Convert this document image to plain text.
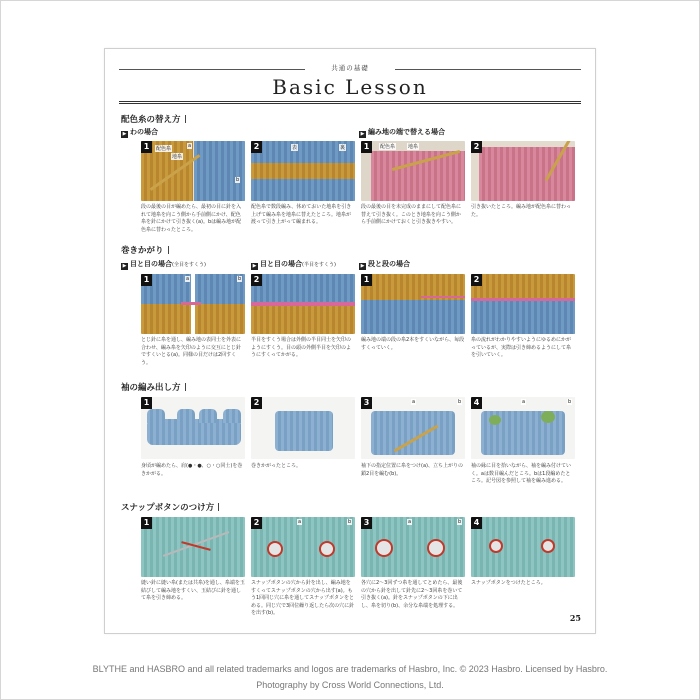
共通の基礎
Basic Lesson
配色糸の替え方
▶ わの場合	▶ 編み地の端で替える場合
1	配色糸
地糸
a
b
段の最後の目が編めたら、最初の目に針を入れて地糸を向こう側から手前側にかけ、配色糸を針にかけて引き抜く(a)。bは編み地が配色糸に替わったところ。
2	表	裏
配色糸で数段編み、休めておいた地糸を引き上げて編み糸を地糸に替えたところ。地糸が渡って引き上がって編まれる。
1	配色糸	地糸
段の最後の目を未完成のままにして配色糸に替えて引き抜く。このとき地糸を向こう側から手前側にかけておくと引き抜きやすい。
2
引き抜いたところ。編み地が配色糸に替わった。
巻きかがり
▶ 目と目の場合(全目をすくう)	▶ 目と目の場合(半目をすくう)	▶ 段と段の場合
1	a	b
とじ針に糸を通し、編み地の表同士を外表に合わせ、編み糸を矢印のように交互にとじ針ですくいとる(a)。同様の目だけは2回すくう。
2
半目をすくう場合は外側の半目同士を矢印のようにすくう。目の頭の外側半目を矢印のようにすくってかがる。
1
編み地の端の段の糸2本をすくいながら、毎段すくっていく。
2
糸の流れがわかりやすいようにゆるめにかがっているが、実際は引き締めるようにして糸を引いていく。
袖の編み出し方
1
身頃が編めたら、肩(●・●、○・○同士)を巻きかがる。
2
巻きかがったところ。
3	a	b
袖下の指定位置に糸をつけ(a)、立ち上がりの鎖2目を編む(b)。
4	a	b
袖の縁に目を拾いながら、袖を編み付けていく。aは数目編んだところ。bは1段編めたところ。記号図を参照して袖を編み進める。
スナップボタンのつけ方
1
縫い針に縫い糸(または共糸)を通し、糸端を玉結びして編み地をすくい、玉結びに針を通して糸を引き締める。
2	a	b
スナップボタンの穴から針を出し、編み地をすくってスナップボタンの穴から出す(a)。もう1回同じ穴に糸を通してスナップボタンをとめる。同じ穴で3回位繰り返したら次の穴に針を出す(b)。
3	a	b
各穴に2〜3回ずつ糸を通してとめたら、最後の穴から針を出して針先に2〜3回糸を巻いて引き抜く(a)。針をスナップボタンの下に出し、糸を切り(b)、余分な糸端を処理する。
4
スナップボタンをつけたところ。
25
BLYTHE and HASBRO and all related trademarks and logos are trademarks of Hasbro, Inc. © 2023 Hasbro. Licensed by Hasbro.
Photography by Cross World Connections, Ltd.
